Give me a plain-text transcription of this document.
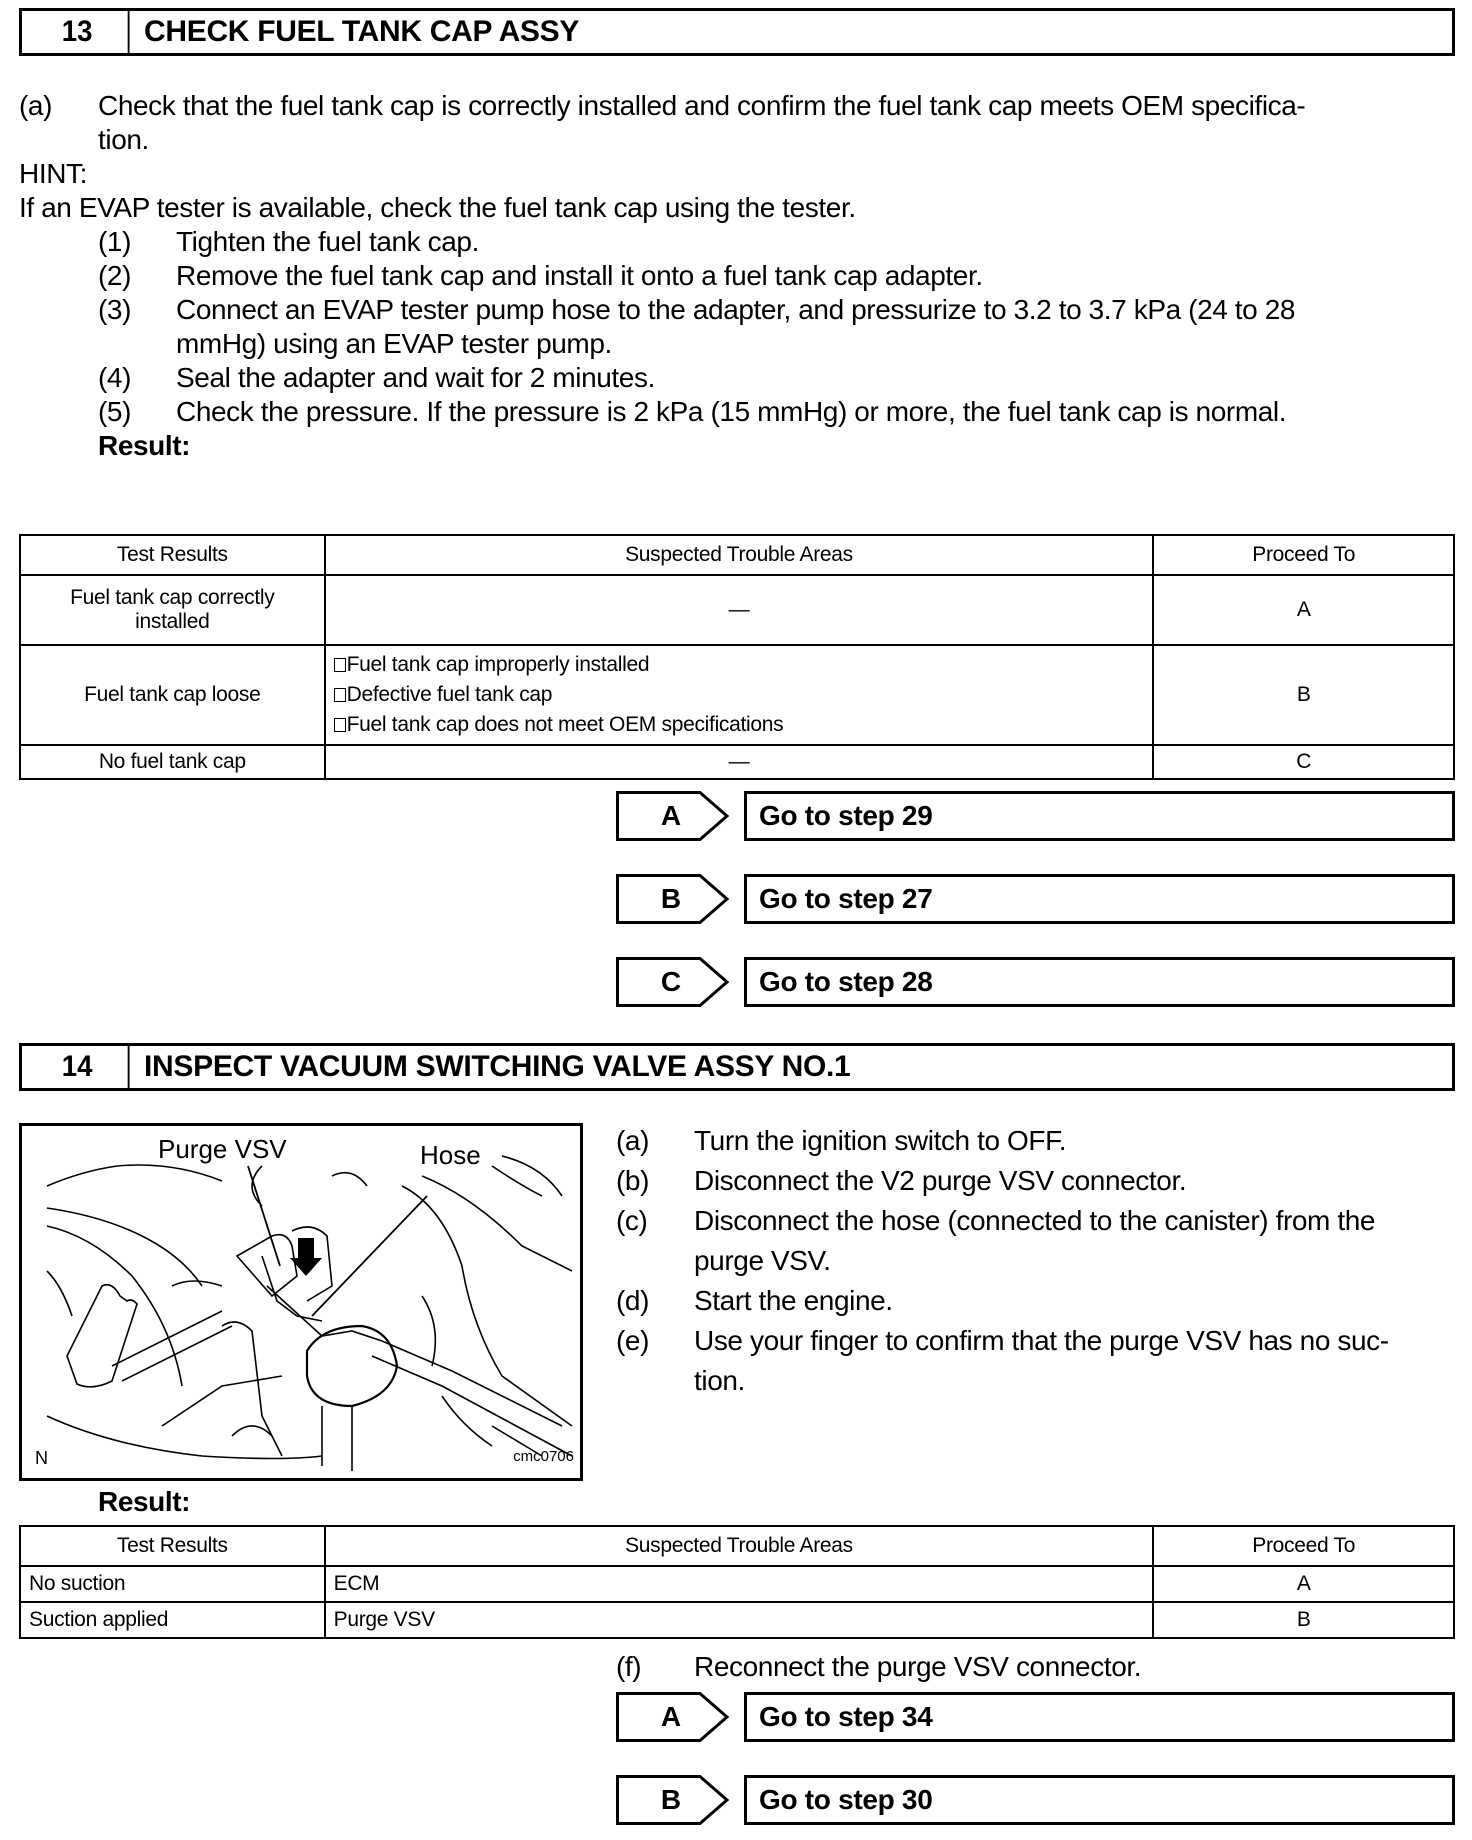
13	CHECK FUEL TANK CAP ASSY
(a) Check that the fuel tank cap is correctly installed and confirm the fuel tank cap meets OEM specifica-
tion.
HINT:
If an EVAP tester is available, check the fuel tank cap using the tester.
(1) Tighten the fuel tank cap.
(2) Remove the fuel tank cap and install it onto a fuel tank cap adapter.
(3) Connect an EVAP tester pump hose to the adapter, and pressurize to 3.2 to 3.7 kPa (24 to 28
mmHg) using an EVAP tester pump.
(4) Seal the adapter and wait for 2 minutes.
(5) Check the pressure. If the pressure is 2 kPa (15 mmHg) or more, the fuel tank cap is normal.
Result:
Test Results	Suspected Trouble Areas	Proceed To

Fuel tank cap correctly
installed	—	A
Fuel tank cap loose	Fuel tank cap improperly installed
Defective fuel tank cap
Fuel tank cap does not meet OEM specifications	B
No fuel tank cap	—	C
A	Go to step 29
B	Go to step 27
C	Go to step 28
14	INSPECT VACUUM SWITCHING VALVE ASSY NO.1
Purge VSV	Hose
N	cmc0706
(a) Turn the ignition switch to OFF.
(b) Disconnect the V2 purge VSV connector.
(c) Disconnect the hose (connected to the canister) from the
purge VSV.
(d) Start the engine.
(e) Use your finger to confirm that the purge VSV has no suc-
tion.
Result:
Test Results	Suspected Trouble Areas	Proceed To
No suction	ECM	A
Suction applied	Purge VSV	B
(f) Reconnect the purge VSV connector.
A	Go to step 34
B	Go to step 30
